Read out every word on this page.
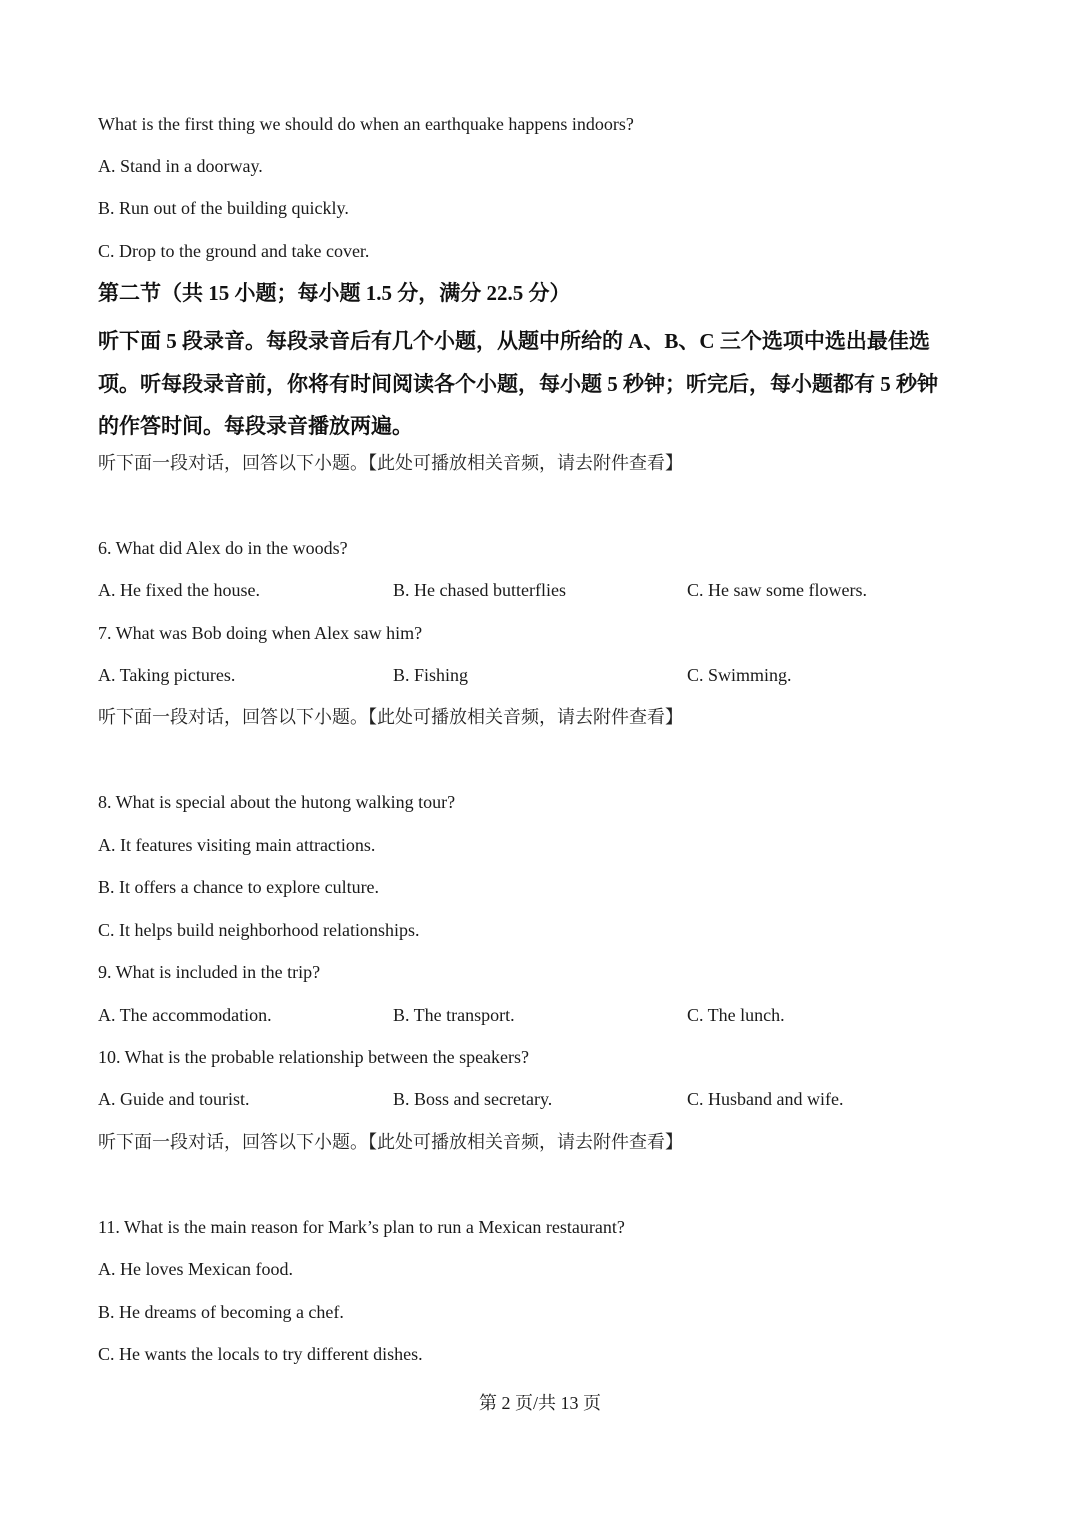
What is the first thing we should do when an earthquake happens indoors?
A. Stand in a doorway.
B. Run out of the building quickly.
C. Drop to the ground and take cover.
第二节（共 15 小题；每小题 1.5 分，满分 22.5 分）
听下面 5 段录音。每段录音后有几个小题，从题中所给的 A、B、C 三个选项中选出最佳选
项。听每段录音前，你将有时间阅读各个小题，每小题 5 秒钟；听完后，每小题都有 5 秒钟
的作答时间。每段录音播放两遍。
听下面一段对话，回答以下小题。【此处可播放相关音频，请去附件查看】
6. What did Alex do in the woods?
A. He fixed the house.	B. He chased butterflies	C. He saw some flowers.
7. What was Bob doing when Alex saw him?
A. Taking pictures.	B. Fishing	C. Swimming.
听下面一段对话，回答以下小题。【此处可播放相关音频，请去附件查看】
8. What is special about the hutong walking tour?
A. It features visiting main attractions.
B. It offers a chance to explore culture.
C. It helps build neighborhood relationships.
9. What is included in the trip?
A. The accommodation.	B. The transport.	C. The lunch.
10. What is the probable relationship between the speakers?
A. Guide and tourist.	B. Boss and secretary.	C. Husband and wife.
听下面一段对话，回答以下小题。【此处可播放相关音频，请去附件查看】
11. What is the main reason for Mark’s plan to run a Mexican restaurant?
A. He loves Mexican food.
B. He dreams of becoming a chef.
C. He wants the locals to try different dishes.
第 2 页/共 13 页
